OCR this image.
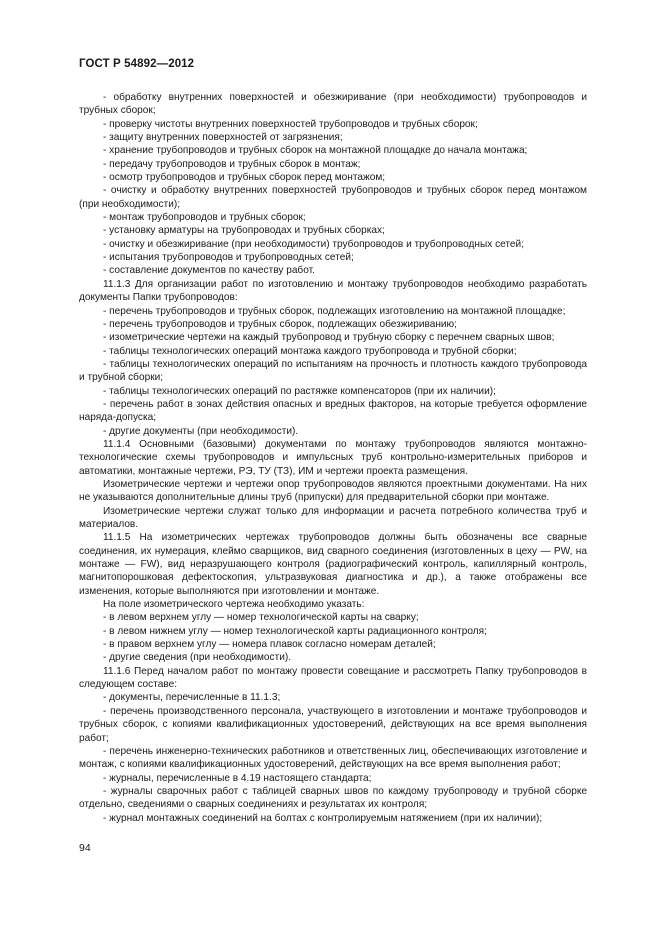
ГОСТ Р 54892—2012

- обработку внутренних поверхностей и обезжиривание (при необходимости) трубопроводов и трубных сборок;

- проверку чистоты внутренних поверхностей трубопроводов и трубных сборок;

- защиту внутренних поверхностей от загрязнения;

- хранение трубопроводов и трубных сборок на монтажной площадке до начала монтажа;

- передачу трубопроводов и трубных сборок в монтаж;

- осмотр трубопроводов и трубных сборок перед монтажом;

- очистку и обработку внутренних поверхностей трубопроводов и трубных сборок перед монтажом (при необходимости);

- монтаж трубопроводов и трубных сборок;

- установку арматуры на трубопроводах и трубных сборках;

- очистку и обезжиривание (при необходимости) трубопроводов и трубопроводных сетей;

- испытания трубопроводов и трубопроводных сетей;

- составление документов по качеству работ.

11.1.3 Для организации работ по изготовлению и монтажу трубопроводов необходимо разработать документы Папки трубопроводов:

- перечень трубопроводов и трубных сборок, подлежащих изготовлению на монтажной площадке;

- перечень трубопроводов и трубных сборок, подлежащих обезжириванию;

- изометрические чертежи на каждый трубопровод и трубную сборку с перечнем сварных швов;

- таблицы технологических операций монтажа каждого трубопровода и трубной сборки;

- таблицы технологических операций по испытаниям на прочность и плотность каждого трубопровода и трубной сборки;

- таблицы технологических операций по растяжке компенсаторов (при их наличии);

- перечень работ в зонах действия опасных и вредных факторов, на которые требуется оформление наряда-допуска;

- другие документы (при необходимости).

11.1.4 Основными (базовыми) документами по монтажу трубопроводов являются монтажно-технологические схемы трубопроводов и импульсных труб контрольно-измерительных приборов и автоматики, монтажные чертежи, РЭ, ТУ (ТЗ), ИМ и чертежи проекта размещения.

Изометрические чертежи и чертежи опор трубопроводов являются проектными документами. На них не указываются дополнительные длины труб (припуски) для предварительной сборки при монтаже.

Изометрические чертежи служат только для информации и расчета потребного количества труб и материалов.

11.1.5 На изометрических чертежах трубопроводов должны быть обозначены все сварные соединения, их нумерация, клеймо сварщиков, вид сварного соединения (изготовленных в цеху — PW, на монтаже — FW), вид неразрушающего контроля (радиографический контроль, капиллярный контроль, магнитопорошковая дефектоскопия, ультразвуковая диагностика и др.), а также отображены все изменения, которые выполняются при изготовлении и монтаже.

На поле изометрического чертежа необходимо указать:

- в левом верхнем углу — номер технологической карты на сварку;

- в левом нижнем углу — номер технологической карты радиационного контроля;

- в правом верхнем углу — номера плавок согласно номерам деталей;

- другие сведения (при необходимости).

11.1.6 Перед началом работ по монтажу провести совещание и рассмотреть Папку трубопроводов в следующем составе:

- документы, перечисленные в 11.1.3;

- перечень производственного персонала, участвующего в изготовлении и монтаже трубопроводов и трубных сборок, с копиями квалификационных удостоверений, действующих на все время выполнения работ;

- перечень инженерно-технических работников и ответственных лиц, обеспечивающих изготовление и монтаж, с копиями квалификационных удостоверений, действующих на все время выполнения работ;

- журналы, перечисленные в 4.19 настоящего стандарта;

- журналы сварочных работ с таблицей сварных швов по каждому трубопроводу и трубной сборке отдельно, сведениями о сварных соединениях и результатах их контроля;

- журнал монтажных соединений на болтах с контролируемым натяжением (при их наличии);

94
